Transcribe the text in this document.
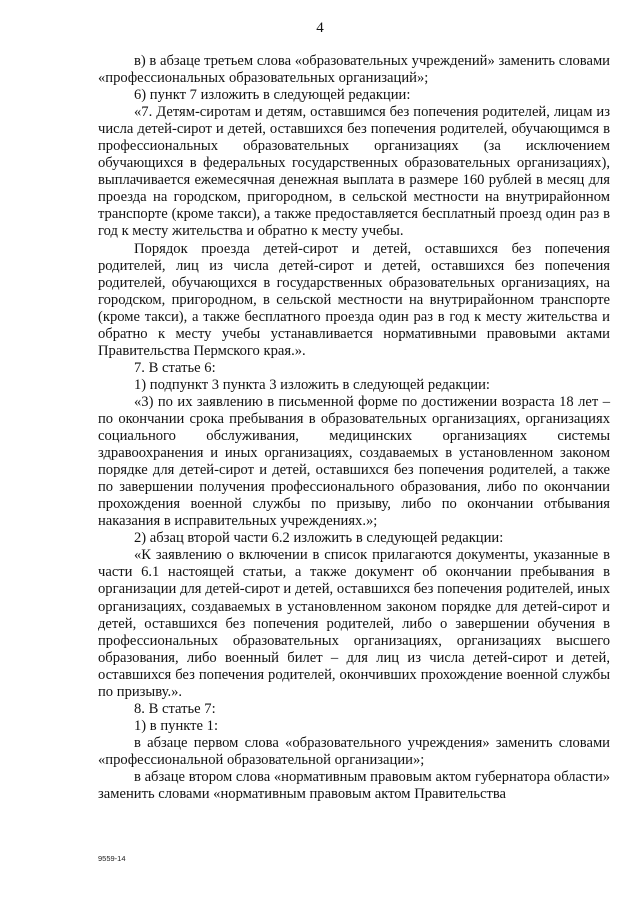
4

в) в абзаце третьем слова «образовательных учреждений» заменить словами «профессиональных образовательных организаций»;

6) пункт 7 изложить в следующей редакции:

«7. Детям-сиротам и детям, оставшимся без попечения родителей, лицам из числа детей-сирот и детей, оставшихся без попечения родителей, обучающимся в профессиональных образовательных организациях (за исключением обучающихся в федеральных государственных образовательных организациях), выплачивается ежемесячная денежная выплата в размере 160 рублей в месяц для проезда на городском, пригородном, в сельской местности на внутрирайонном транспорте (кроме такси), а также предоставляется бесплатный проезд один раз в год к месту жительства и обратно к месту учебы.

Порядок проезда детей-сирот и детей, оставшихся без попечения родителей, лиц из числа детей-сирот и детей, оставшихся без попечения родителей, обучающихся в государственных образовательных организациях, на городском, пригородном, в сельской местности на внутрирайонном транспорте (кроме такси), а также бесплатного проезда один раз в год к месту жительства и обратно к месту учебы устанавливается нормативными правовыми актами Правительства Пермского края.».

7. В статье 6:

1) подпункт 3 пункта 3 изложить в следующей редакции:

«3) по их заявлению в письменной форме по достижении возраста 18 лет – по окончании срока пребывания в образовательных организациях, организациях социального обслуживания, медицинских организациях системы здравоохранения и иных организациях, создаваемых в установленном законом порядке для детей-сирот и детей, оставшихся без попечения родителей, а также по завершении получения профессионального образования, либо по окончании прохождения военной службы по призыву, либо по окончании отбывания наказания в исправительных учреждениях.»;

2) абзац второй части 6.2 изложить в следующей редакции:

«К заявлению о включении в список прилагаются документы, указанные в части 6.1 настоящей статьи, а также документ об окончании пребывания в организации для детей-сирот и детей, оставшихся без попечения родителей, иных организациях, создаваемых в установленном законом порядке для детей-сирот и детей, оставшихся без попечения родителей, либо о завершении обучения в профессиональных образовательных организациях, организациях высшего образования, либо военный билет – для лиц из числа детей-сирот и детей, оставшихся без попечения родителей, окончивших прохождение военной службы по призыву.».

8. В статье 7:

1) в пункте 1:

в абзаце первом слова «образовательного учреждения» заменить словами «профессиональной образовательной организации»;

в абзаце втором слова «нормативным правовым актом губернатора области» заменить словами «нормативным правовым актом Правительства

9559-14
